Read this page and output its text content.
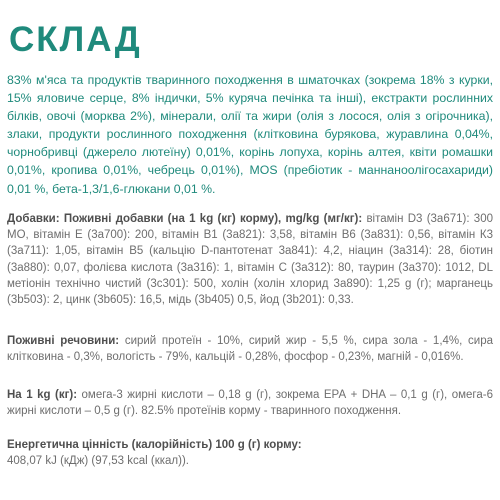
СКЛАД

83% м'яса та продуктів тваринного походження в шматочках (зокрема 18% з курки, 15% яловиче серце, 8% індички, 5% куряча печінка та інші), екстракти рослинних білків, овочі (морква 2%), мінерали, олії та жири (олія з лосося, олія з огірочника), злаки, продукти рослинного походження (клітковина бурякова, журавлина 0,04%, чорнобривці (джерело лютеїну) 0,01%, корінь лопуха, корінь алтея, квіти ромашки 0,01%, кропива 0,01%, чебрець 0,01%), MOS (пребіотик - маннаноолігосахариди) 0,01 %, бета-1,3/1,6-глюкани 0,01 %.

Добавки: Поживні добавки (на 1 kg (кг) корму), mg/kg (мг/кг): вітамін D3 (3a671): 300 МО, вітамін E (3a700): 200, вітамін B1 (3a821): 3,58, вітамін B6 (3a831): 0,56, вітамін К3 (3a711): 1,05, вітамін В5 (кальцію D-пантотенат 3a841): 4,2, ніацин (3a314): 28, біотин (3a880): 0,07, фолієва кислота (3a316): 1, вітамін С (3a312): 80, таурин (3a370): 1012, DL метіонін технічно чистий (3c301): 500, холін (холін хлорид 3a890): 1,25 g (г); марганець (3b503): 2, цинк (3b605): 16,5, мідь (3b405) 0,5, йод (3b201): 0,33.

Поживні речовини: сирий протеїн - 10%, сирий жир - 5,5 %, сира зола - 1,4%, сира клітковина - 0,3%, вологість - 79%, кальцій - 0,28%, фосфор - 0,23%, магній - 0,016%.

На 1 kg (кг): омега-3 жирні кислоти – 0,18 g (г), зокрема ЕРА + DHA – 0,1 g (г), омега-6 жирні кислоти – 0,5 g (г). 82.5% протеїнів корму - тваринного походження.

Енергетична цінність (калорійність) 100 g (г) корму:
408,07 kJ (кДж) (97,53 kcal (ккал)).
